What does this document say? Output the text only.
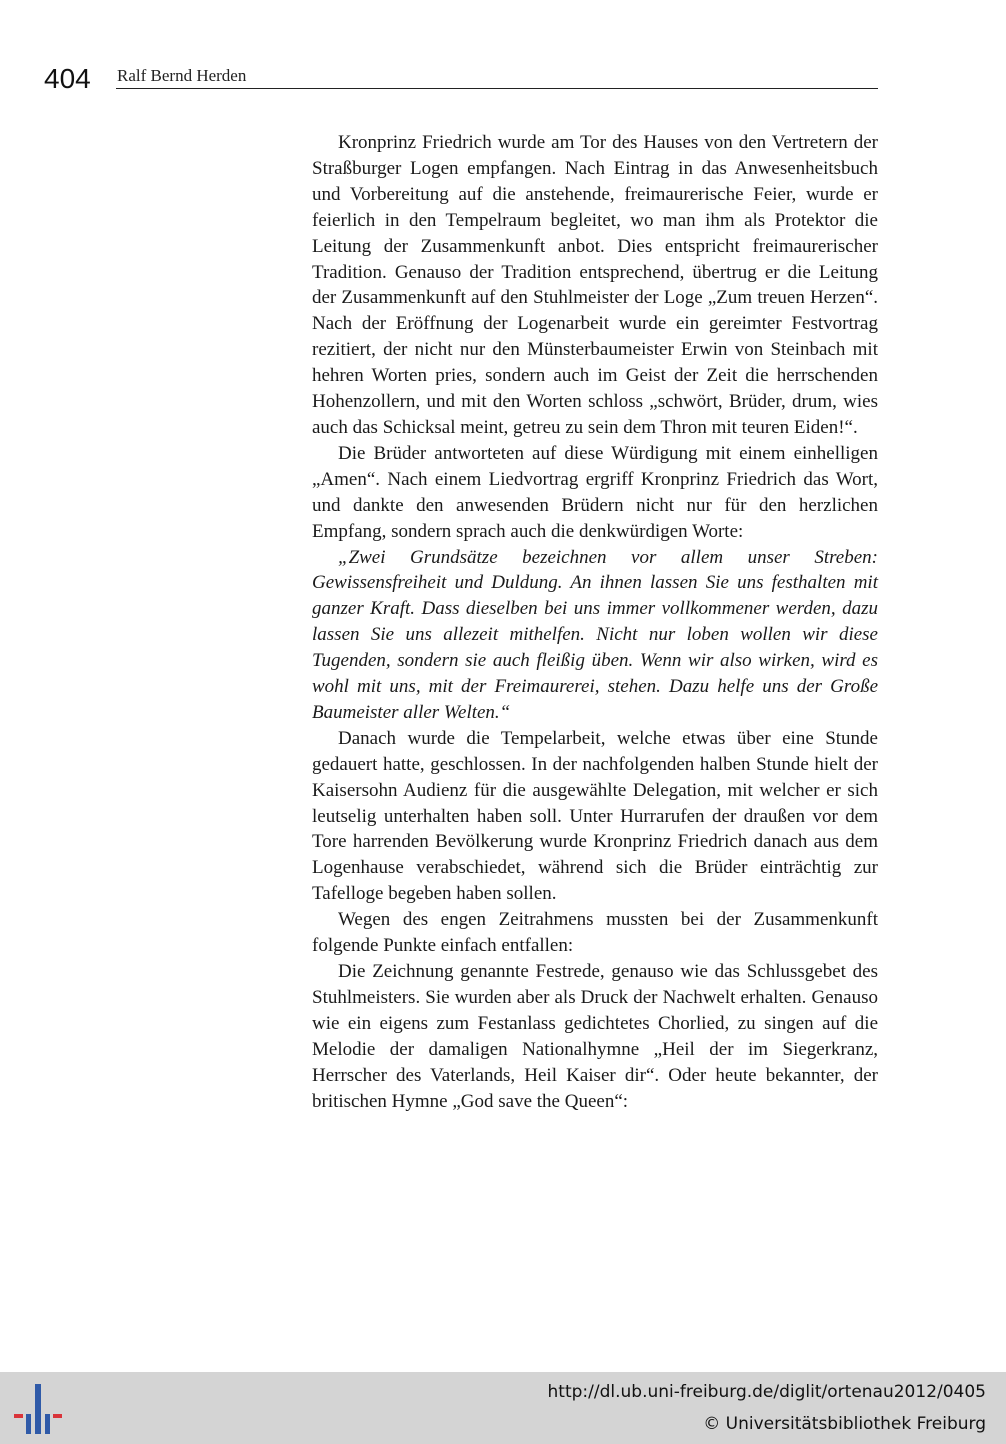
404 Ralf Bernd Herden

Kronprinz Friedrich wurde am Tor des Hauses von den Vertretern der Straßburger Logen empfangen. Nach Eintrag in das Anwesenheitsbuch und Vorbereitung auf die anstehende, freimaurerische Feier, wurde er feierlich in den Tempelraum begleitet, wo man ihm als Protektor die Leitung der Zusammenkunft anbot. Dies entspricht freimaurerischer Tradition. Genauso der Tradition entsprechend, übertrug er die Leitung der Zusammenkunft auf den Stuhlmeister der Loge „Zum treuen Herzen“. Nach der Eröffnung der Logenarbeit wurde ein gereimter Festvortrag rezitiert, der nicht nur den Münsterbaumeister Erwin von Steinbach mit hehren Worten pries, sondern auch im Geist der Zeit die herrschenden Hohenzollern, und mit den Worten schloss „schwört, Brüder, drum, wies auch das Schicksal meint, getreu zu sein dem Thron mit teuren Eiden!“.

Die Brüder antworteten auf diese Würdigung mit einem einhelligen „Amen“. Nach einem Liedvortrag ergriff Kronprinz Friedrich das Wort, und dankte den anwesenden Brüdern nicht nur für den herzlichen Empfang, sondern sprach auch die denkwürdigen Worte:

„Zwei Grundsätze bezeichnen vor allem unser Streben: Gewissensfreiheit und Duldung. An ihnen lassen Sie uns festhalten mit ganzer Kraft. Dass dieselben bei uns immer vollkommener werden, dazu lassen Sie uns allezeit mithelfen. Nicht nur loben wollen wir diese Tugenden, sondern sie auch fleißig üben. Wenn wir also wirken, wird es wohl mit uns, mit der Freimaurerei, stehen. Dazu helfe uns der Große Baumeister aller Welten.“

Danach wurde die Tempelarbeit, welche etwas über eine Stunde gedauert hatte, geschlossen. In der nachfolgenden halben Stunde hielt der Kaisersohn Audienz für die ausgewählte Delegation, mit welcher er sich leutselig unterhalten haben soll. Unter Hurrarufen der draußen vor dem Tore harrenden Bevölkerung wurde Kronprinz Friedrich danach aus dem Logenhause verabschiedet, während sich die Brüder einträchtig zur Tafelloge begeben haben sollen.

Wegen des engen Zeitrahmens mussten bei der Zusammenkunft folgende Punkte einfach entfallen:

Die Zeichnung genannte Festrede, genauso wie das Schlussgebet des Stuhlmeisters. Sie wurden aber als Druck der Nachwelt erhalten. Genauso wie ein eigens zum Festanlass gedichtetes Chorlied, zu singen auf die Melodie der damaligen Nationalhymne „Heil der im Siegerkranz, Herrscher des Vaterlands, Heil Kaiser dir“. Oder heute bekannter, der britischen Hymne „God save the Queen“:

http://dl.ub.uni-freiburg.de/diglit/ortenau2012/0405
© Universitätsbibliothek Freiburg
